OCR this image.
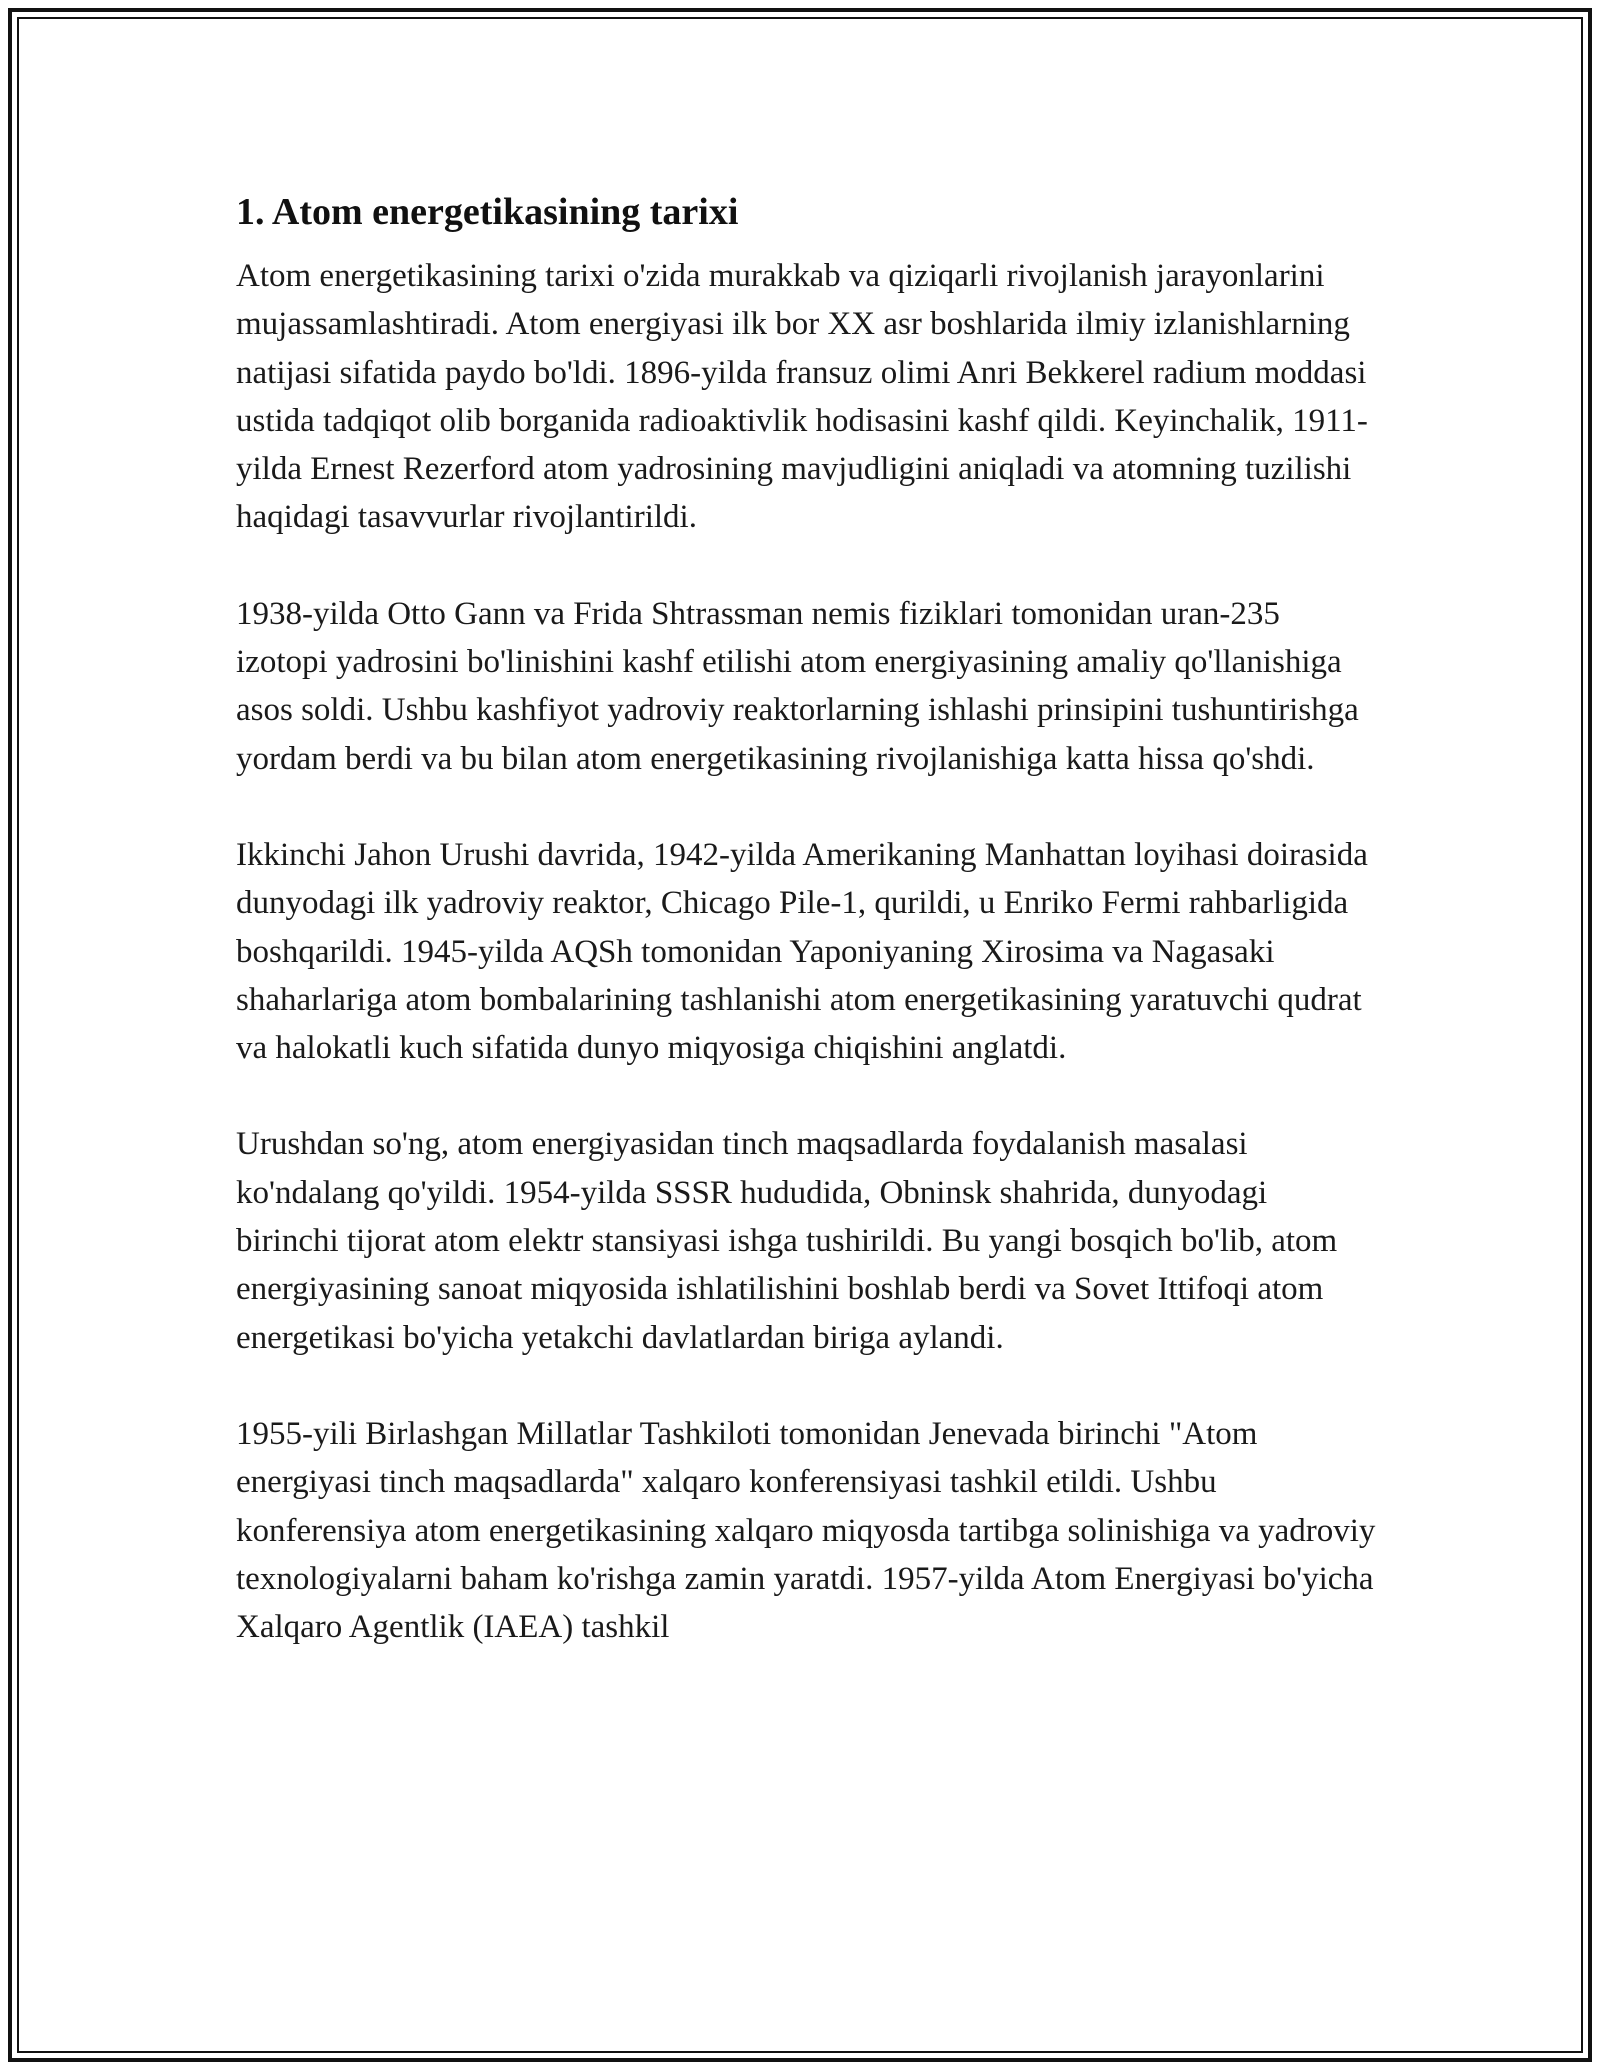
1. Atom energetikasining tarixi

Atom energetikasining tarixi o'zida murakkab va qiziqarli rivojlanish jarayonlarini mujassamlashtiradi. Atom energiyasi ilk bor XX asr boshlarida ilmiy izlanishlarning natijasi sifatida paydo bo'ldi. 1896-yilda fransuz olimi Anri Bekkerel radium moddasi ustida tadqiqot olib borganida radioaktivlik hodisasini kashf qildi. Keyinchalik, 1911-yilda Ernest Rezerford atom yadrosining mavjudligini aniqladi va atomning tuzilishi haqidagi tasavvurlar rivojlantirildi.

1938-yilda Otto Gann va Frida Shtrassman nemis fiziklari tomonidan uran-235 izotopi yadrosini bo'linishini kashf etilishi atom energiyasining amaliy qo'llanishiga asos soldi. Ushbu kashfiyot yadroviy reaktorlarning ishlashi prinsipini tushuntirishga yordam berdi va bu bilan atom energetikasining rivojlanishiga katta hissa qo'shdi.

Ikkinchi Jahon Urushi davrida, 1942-yilda Amerikaning Manhattan loyihasi doirasida dunyodagi ilk yadroviy reaktor, Chicago Pile-1, qurildi, u Enriko Fermi rahbarligida boshqarildi. 1945-yilda AQSh tomonidan Yaponiyaning Xirosima va Nagasaki shaharlariga atom bombalarining tashlanishi atom energetikasining yaratuvchi qudrat va halokatli kuch sifatida dunyo miqyosiga chiqishini anglatdi.

Urushdan so'ng, atom energiyasidan tinch maqsadlarda foydalanish masalasi ko'ndalang qo'yildi. 1954-yilda SSSR hududida, Obninsk shahrida, dunyodagi birinchi tijorat atom elektr stansiyasi ishga tushirildi. Bu yangi bosqich bo'lib, atom energiyasining sanoat miqyosida ishlatilishini boshlab berdi va Sovet Ittifoqi atom energetikasi bo'yicha yetakchi davlatlardan biriga aylandi.

1955-yili Birlashgan Millatlar Tashkiloti tomonidan Jenevada birinchi "Atom energiyasi tinch maqsadlarda" xalqaro konferensiyasi tashkil etildi. Ushbu konferensiya atom energetikasining xalqaro miqyosda tartibga solinishiga va yadroviy texnologiyalarni baham ko'rishga zamin yaratdi. 1957-yilda Atom Energiyasi bo'yicha Xalqaro Agentlik (IAEA) tashkil
